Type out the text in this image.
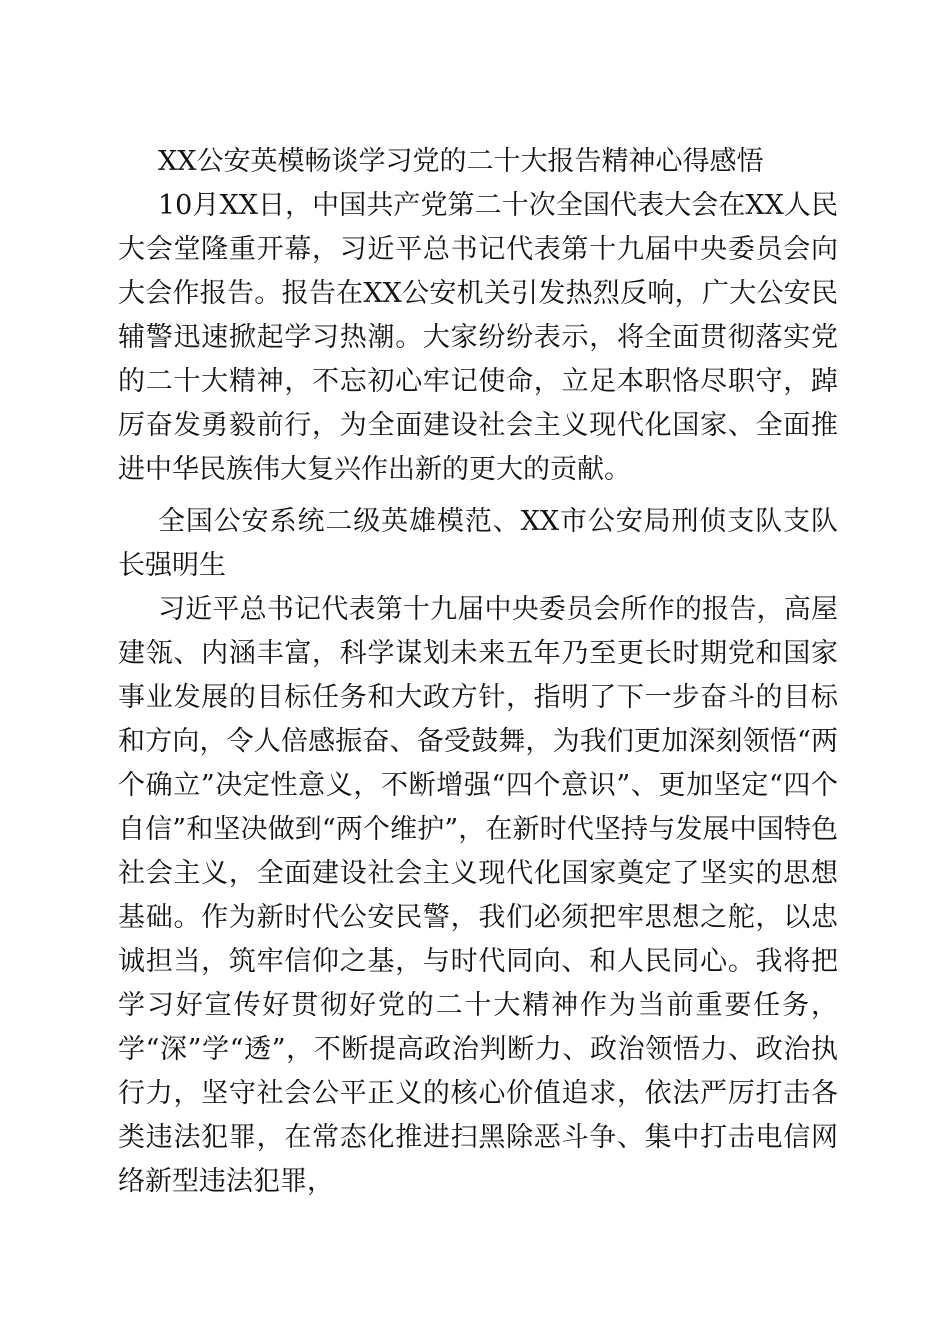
XX公安英模畅谈学习党的二十大报告精神心得感悟
10月XX日，中国共产党第二十次全国代表大会在XX人民大会堂隆重开幕，习近平总书记代表第十九届中央委员会向大会作报告。报告在XX公安机关引发热烈反响，广大公安民辅警迅速掀起学习热潮。大家纷纷表示，将全面贯彻落实党的二十大精神，不忘初心牢记使命，立足本职恪尽职守，踔厉奋发勇毅前行，为全面建设社会主义现代化国家、全面推进中华民族伟大复兴作出新的更大的贡献。
全国公安系统二级英雄模范、XX市公安局刑侦支队支队长强明生
习近平总书记代表第十九届中央委员会所作的报告，高屋建瓴、内涵丰富，科学谋划未来五年乃至更长时期党和国家事业发展的目标任务和大政方针，指明了下一步奋斗的目标和方向，令人倍感振奋、备受鼓舞，为我们更加深刻领悟“两个确立”决定性意义，不断增强“四个意识”、更加坚定“四个自信”和坚决做到“两个维护”，在新时代坚持与发展中国特色社会主义，全面建设社会主义现代化国家奠定了坚实的思想基础。作为新时代公安民警，我们必须把牢思想之舵，以忠诚担当，筑牢信仰之基，与时代同向、和人民同心。我将把学习好宣传好贯彻好党的二十大精神作为当前重要任务，学“深”学“透”，不断提高政治判断力、政治领悟力、政治执行力，坚守社会公平正义的核心价值追求，依法严厉打击各类违法犯罪，在常态化推进扫黑除恶斗争、集中打击电信网络新型违法犯罪，
